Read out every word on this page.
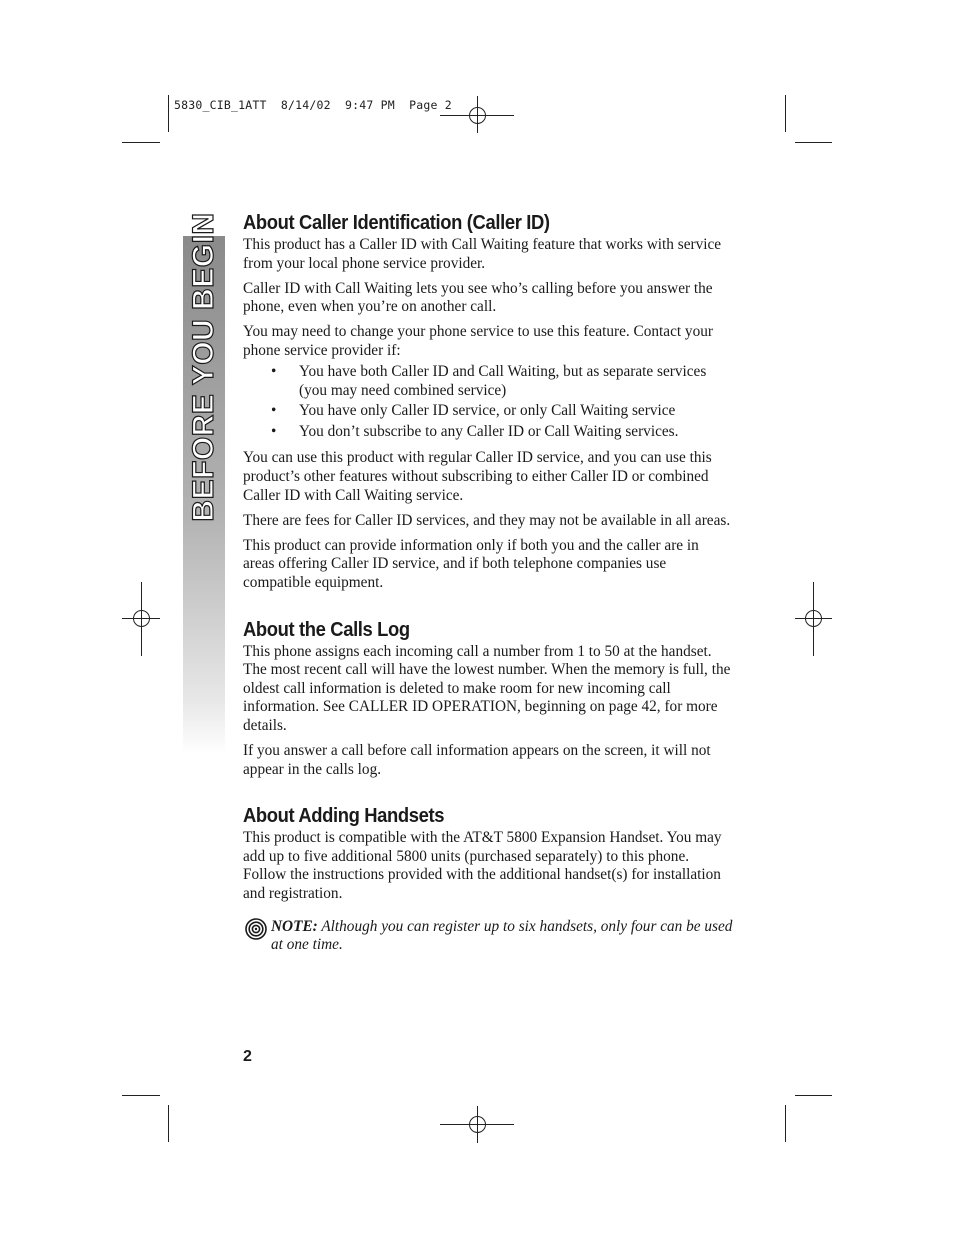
5830_CIB_1ATT  8/14/02  9:47 PM  Page 2
BEFORE YOU BEGIN About Caller Identification (Caller ID)

This product has a Caller ID with Call Waiting feature that works with service from your local phone service provider.

Caller ID with Call Waiting lets you see who’s calling before you answer the phone, even when you’re on another call.

You may need to change your phone service to use this feature. Contact your phone service provider if:

• You have both Caller ID and Call Waiting, but as separate services (you may need combined service)
• You have only Caller ID service, or only Call Waiting service
• You don’t subscribe to any Caller ID or Call Waiting services.

You can use this product with regular Caller ID service, and you can use this product’s other features without subscribing to either Caller ID or combined Caller ID with Call Waiting service.

There are fees for Caller ID services, and they may not be available in all areas.

This product can provide information only if both you and the caller are in areas offering Caller ID service, and if both telephone companies use compatible equipment.

About the Calls Log

This phone assigns each incoming call a number from 1 to 50 at the handset. The most recent call will have the lowest number. When the memory is full, the oldest call information is deleted to make room for new incoming call information. See CALLER ID OPERATION, beginning on page 42, for more details.

If you answer a call before call information appears on the screen, it will not appear in the calls log.

About Adding Handsets

This product is compatible with the AT&T 5800 Expansion Handset. You may add up to five additional 5800 units (purchased separately) to this phone. Follow the instructions provided with the additional handset(s) for installation and registration.

NOTE: Although you can register up to six handsets, only four can be used at one time.
2
